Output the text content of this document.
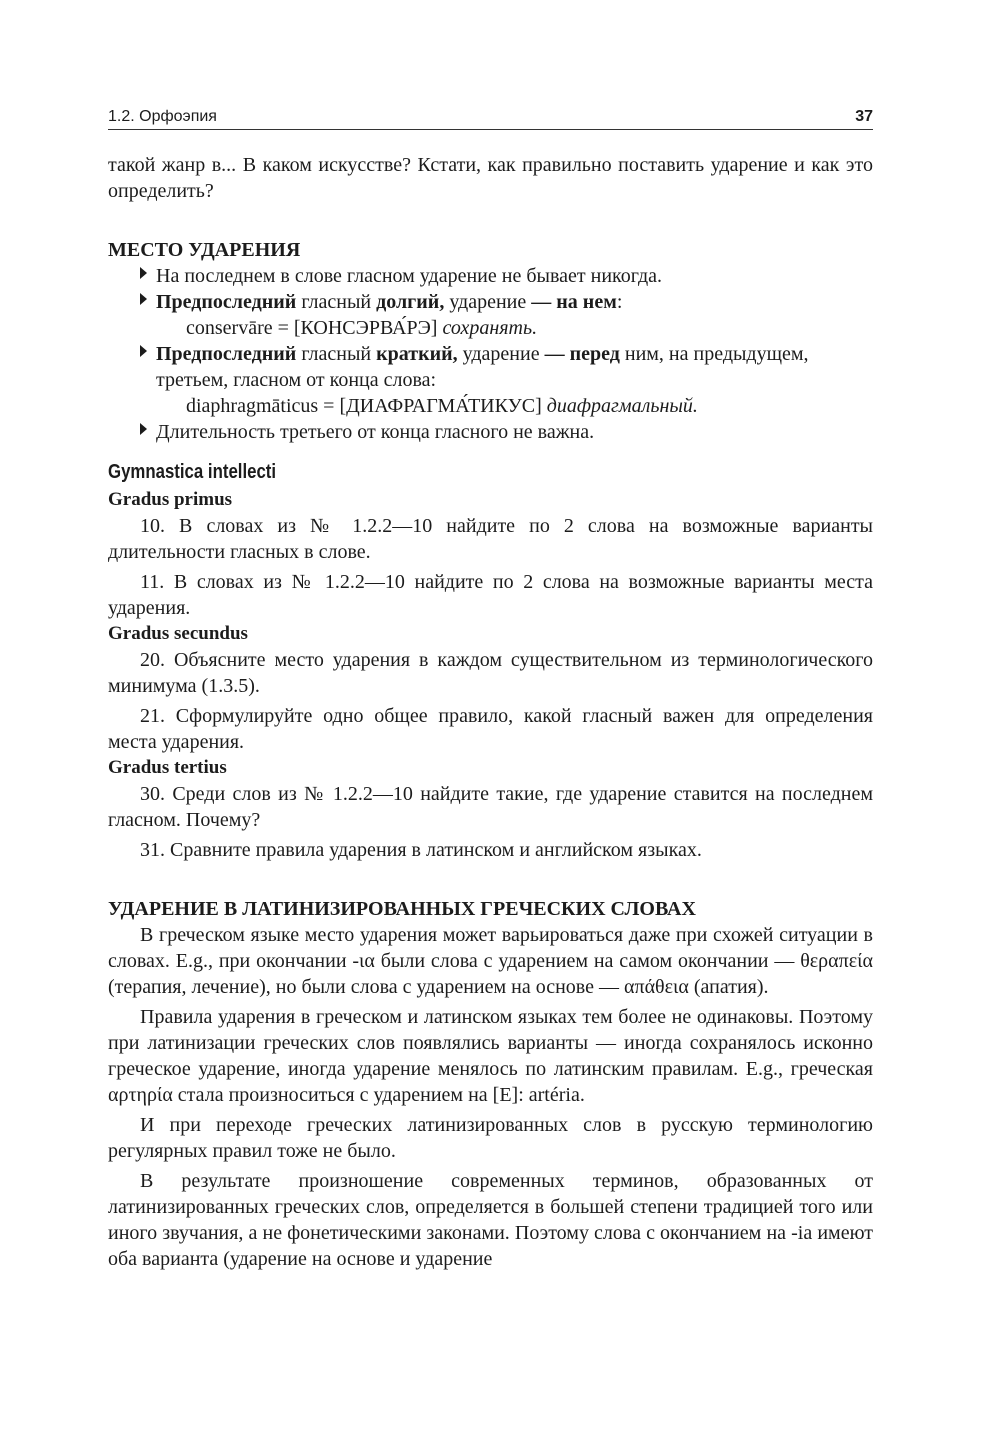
1.2. Орфоэпия	37

такой жанр в... В каком искусстве? Кстати, как правильно поставить ударение и как это определить?

МЕСТО УДАРЕНИЯ

На последнем в слове гласном ударение не бывает никогда.

Предпоследний гласный долгий, ударение — на нем:

conservāre = [КОНСЭРВА́РЭ] сохранять.

Предпоследний гласный краткий, ударение — перед ним, на предыдущем, третьем, гласном от конца слова:

diaphragmāticus = [ДИАФРАГМА́ТИКУС] диафрагмальный.

Длительность третьего от конца гласного не важна.

Gymnastica intellecti
Gradus primus

10. В словах из № 1.2.2—10 найдите по 2 слова на возможные варианты длительности гласных в слове.

11. В словах из № 1.2.2—10 найдите по 2 слова на возможные варианты места ударения.

Gradus secundus

20. Объясните место ударения в каждом существительном из терминологического минимума (1.3.5).

21. Сформулируйте одно общее правило, какой гласный важен для определения места ударения.

Gradus tertius

30. Среди слов из № 1.2.2—10 найдите такие, где ударение ставится на последнем гласном. Почему?

31. Сравните правила ударения в латинском и английском языках.

УДАРЕНИЕ В ЛАТИНИЗИРОВАННЫХ ГРЕЧЕСКИХ СЛОВАХ

В греческом языке место ударения может варьироваться даже при схожей ситуации в словах. E.g., при окончании -ια были слова с ударением на самом окончании — θεραπεία (терапия, лечение), но были слова с ударением на основе — απάθεια (апатия).

Правила ударения в греческом и латинском языках тем более не одинаковы. Поэтому при латинизации греческих слов появлялись варианты — иногда сохранялось исконно греческое ударение, иногда ударение менялось по латинским правилам. E.g., греческая αρτηρία стала произноситься с ударением на [E]: artéria.

И при переходе греческих латинизированных слов в русскую терминологию регулярных правил тоже не было.

В результате произношение современных терминов, образованных от латинизированных греческих слов, определяется в большей степени традицией того или иного звучания, а не фонетическими законами. Поэтому слова с окончанием на -ia имеют оба варианта (ударение на основе и ударение
